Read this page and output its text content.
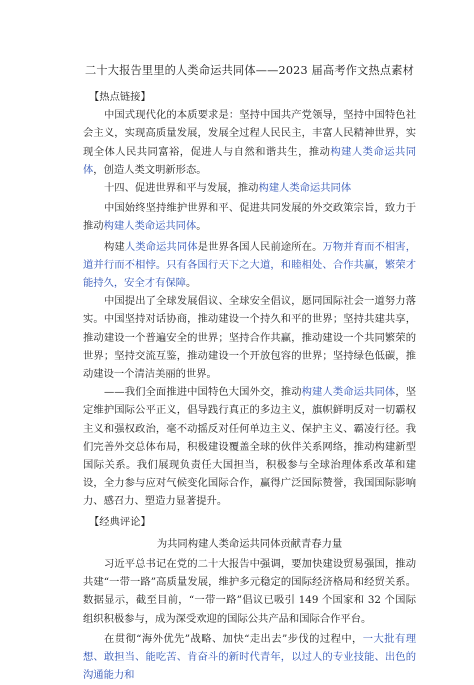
二十大报告里里的人类命运共同体——2023 届高考作文热点素材

【热点链接】

中国式现代化的本质要求是：坚持中国共产党领导，坚持中国特色社会主义，实现高质量发展，发展全过程人民民主，丰富人民精神世界，实现全体人民共同富裕，促进人与自然和谐共生，推动构建人类命运共同体，创造人类文明新形态。

十四、促进世界和平与发展，推动构建人类命运共同体

中国始终坚持维护世界和平、促进共同发展的外交政策宗旨，致力于推动构建人类命运共同体。

构建人类命运共同体是世界各国人民前途所在。万物并育而不相害，道并行而不相悖。只有各国行天下之大道，和睦相处、合作共赢，繁荣才能持久，安全才有保障。

中国提出了全球发展倡议、全球安全倡议，愿同国际社会一道努力落实。中国坚持对话协商，推动建设一个持久和平的世界；坚持共建共享，推动建设一个普遍安全的世界；坚持合作共赢，推动建设一个共同繁荣的世界；坚持交流互鉴，推动建设一个开放包容的世界；坚持绿色低碳，推动建设一个清洁美丽的世界。

——我们全面推进中国特色大国外交，推动构建人类命运共同体，坚定维护国际公平正义，倡导践行真正的多边主义，旗帜鲜明反对一切霸权主义和强权政治，毫不动摇反对任何单边主义、保护主义、霸凌行径。我们完善外交总体布局，积极建设覆盖全球的伙伴关系网络，推动构建新型国际关系。我们展现负责任大国担当，积极参与全球治理体系改革和建设，全力参与应对气候变化国际合作，赢得广泛国际赞誉，我国国际影响力、感召力、塑造力显著提升。

【经典评论】

为共同构建人类命运共同体贡献青春力量

习近平总书记在党的二十大报告中强调，要加快建设贸易强国，推动共建“一带一路”高质量发展，维护多元稳定的国际经济格局和经贸关系。数据显示，截至目前，“一带一路”倡议已吸引 149 个国家和 32 个国际组织积极参与，成为深受欢迎的国际公共产品和国际合作平台。

在贯彻“海外优先”战略、加快“走出去”步伐的过程中，一大批有理想、敢担当、能吃苦、肯奋斗的新时代青年，以过人的专业技能、出色的沟通能力和
